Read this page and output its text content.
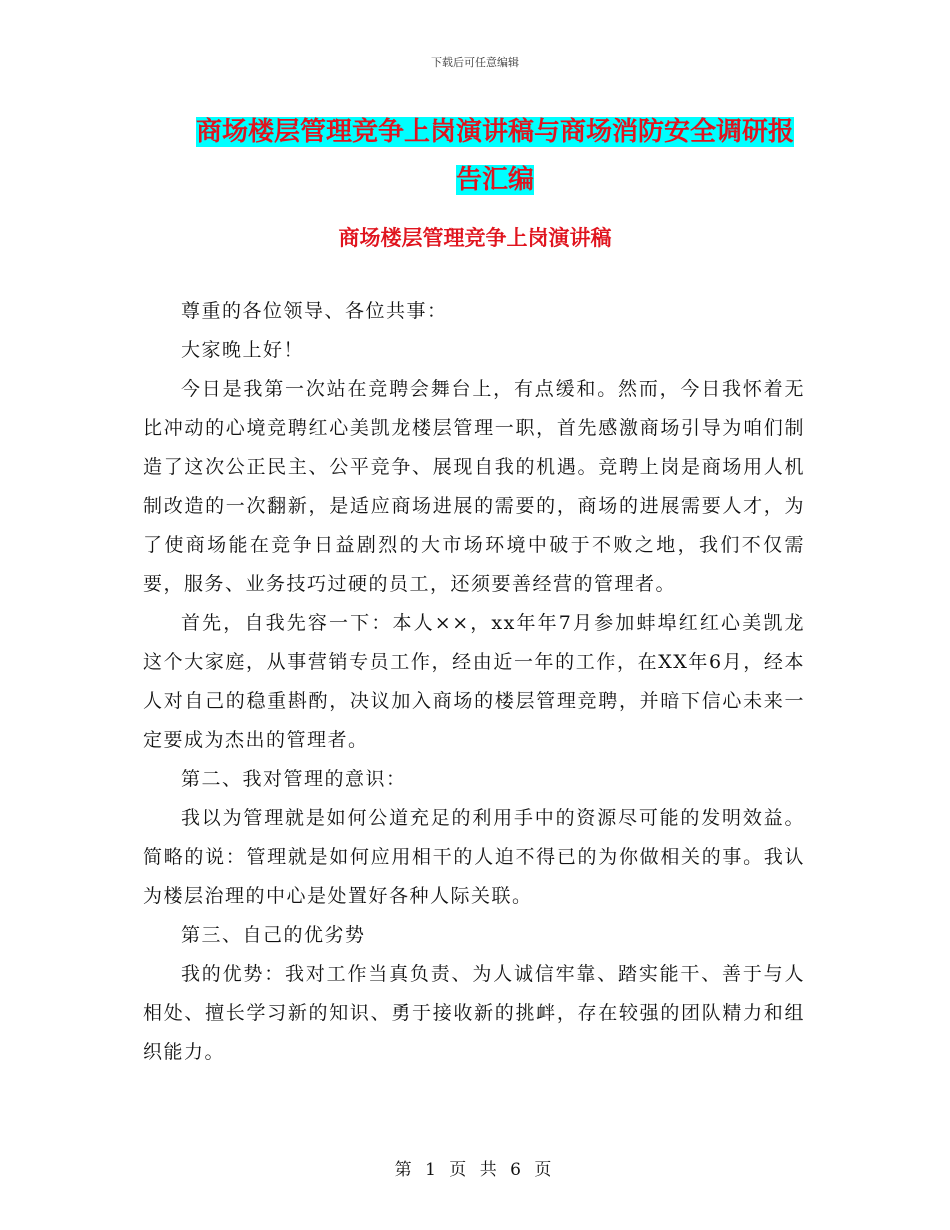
下载后可任意编辑
商场楼层管理竞争上岗演讲稿与商场消防安全调研报
告汇编
商场楼层管理竞争上岗演讲稿

尊重的各位领导、各位共事：

大家晚上好！

今日是我第一次站在竞聘会舞台上，有点缓和。然而，今日我怀着无比冲动的心境竞聘红心美凯龙楼层管理一职，首先感激商场引导为咱们制造了这次公正民主、公平竞争、展现自我的机遇。竞聘上岗是商场用人机制改造的一次翻新，是适应商场进展的需要的，商场的进展需要人才，为了使商场能在竞争日益剧烈的大市场环境中破于不败之地，我们不仅需要，服务、业务技巧过硬的员工，还须要善经营的管理者。

首先，自我先容一下：本人××，xx年年7月参加蚌埠红红心美凯龙这个大家庭，从事营销专员工作，经由近一年的工作，在XX年6月，经本人对自己的稳重斟酌，决议加入商场的楼层管理竞聘，并暗下信心未来一定要成为杰出的管理者。

第二、我对管理的意识：

我以为管理就是如何公道充足的利用手中的资源尽可能的发明效益。简略的说：管理就是如何应用相干的人迫不得已的为你做相关的事。我认为楼层治理的中心是处置好各种人际关联。

第三、自己的优劣势

我的优势：我对工作当真负责、为人诚信牢靠、踏实能干、善于与人相处、擅长学习新的知识、勇于接收新的挑衅，存在较强的团队精力和组织能力。

第 1 页 共 6 页
